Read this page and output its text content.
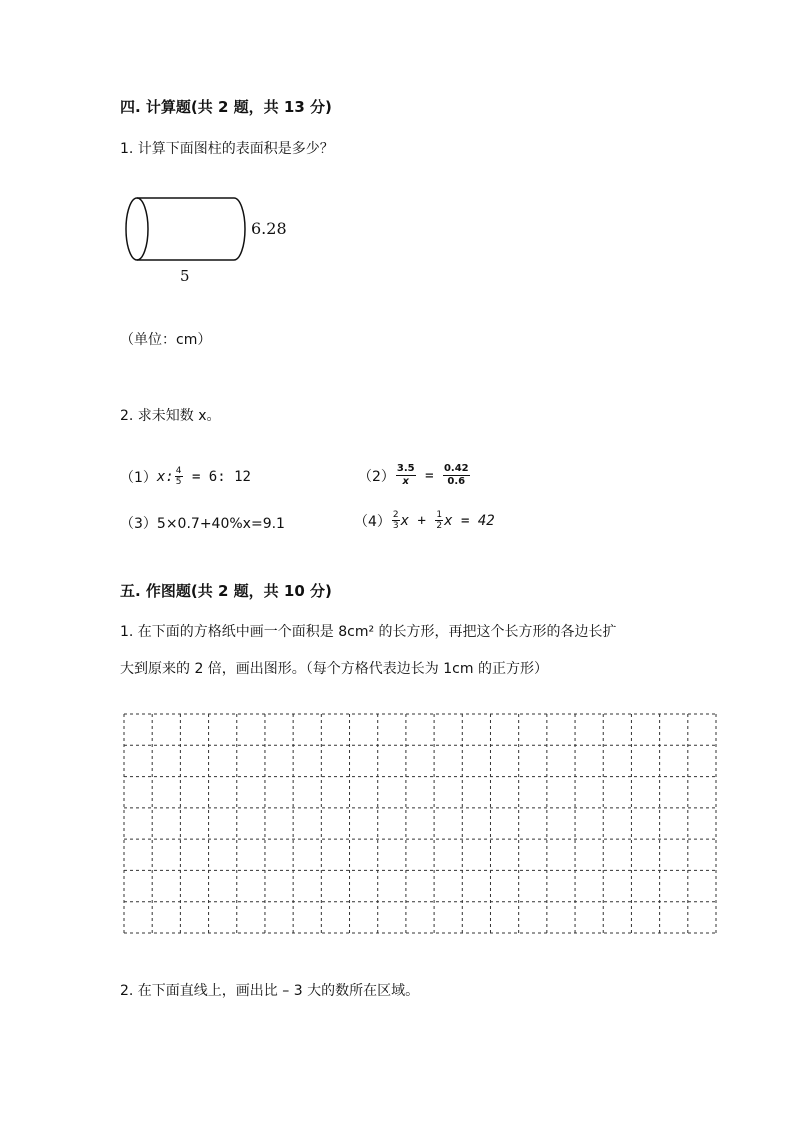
四. 计算题(共 2 题，共 13 分)
1. 计算下面图柱的表面积是多少？
6.28
5
（单位：cm）
2. 求未知数 x。
（1） x: $\frac{4}{5} = 6$: 12	$(2) \frac{3.5}{x} = \frac{0.42}{0.6}$
（3）5×0.7+40%x=9.1	$(4) \frac{2}{3}$ $x + \frac{1}{2}$ x = 42
五. 作图题(共 2 题，共 10 分)
1. 在下面的方格纸中画一个面积是 8cm² 的长方形，再把这个长方形的各边长扩
大到原来的 2 倍，画出图形。（每个方格代表边长为 1cm 的正方形）
2. 在下面直线上，画出比 – 3 大的数所在区域。
